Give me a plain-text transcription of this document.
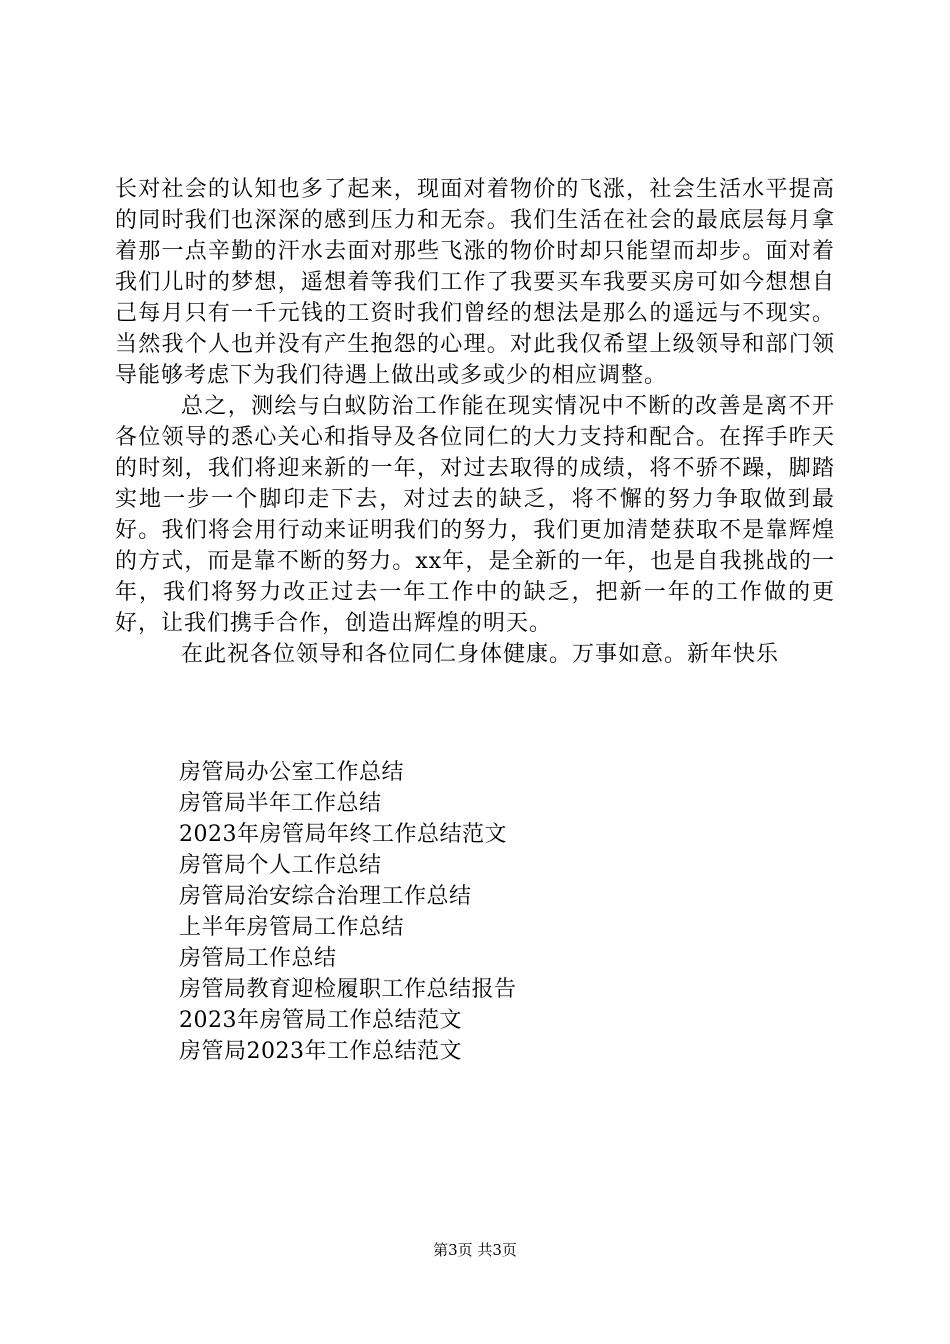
长对社会的认知也多了起来，现面对着物价的飞涨，社会生活水平提高的同时我们也深深的感到压力和无奈。我们生活在社会的最底层每月拿着那一点辛勤的汗水去面对那些飞涨的物价时却只能望而却步。面对着我们儿时的梦想，遥想着等我们工作了我要买车我要买房可如今想想自己每月只有一千元钱的工资时我们曾经的想法是那么的遥远与不现实。当然我个人也并没有产生抱怨的心理。对此我仅希望上级领导和部门领导能够考虑下为我们待遇上做出或多或少的相应调整。

总之，测绘与白蚁防治工作能在现实情况中不断的改善是离不开各位领导的悉心关心和指导及各位同仁的大力支持和配合。在挥手昨天的时刻，我们将迎来新的一年，对过去取得的成绩，将不骄不躁，脚踏实地一步一个脚印走下去，对过去的缺乏，将不懈的努力争取做到最好。我们将会用行动来证明我们的努力，我们更加清楚获取不是靠辉煌的方式，而是靠不断的努力。xx年，是全新的一年，也是自我挑战的一年，我们将努力改正过去一年工作中的缺乏，把新一年的工作做的更好，让我们携手合作，创造出辉煌的明天。

在此祝各位领导和各位同仁身体健康。万事如意。新年快乐

房管局办公室工作总结
房管局半年工作总结
2023年房管局年终工作总结范文
房管局个人工作总结
房管局治安综合治理工作总结
上半年房管局工作总结
房管局工作总结
房管局教育迎检履职工作总结报告
2023年房管局工作总结范文
房管局2023年工作总结范文
第3页 共3页
